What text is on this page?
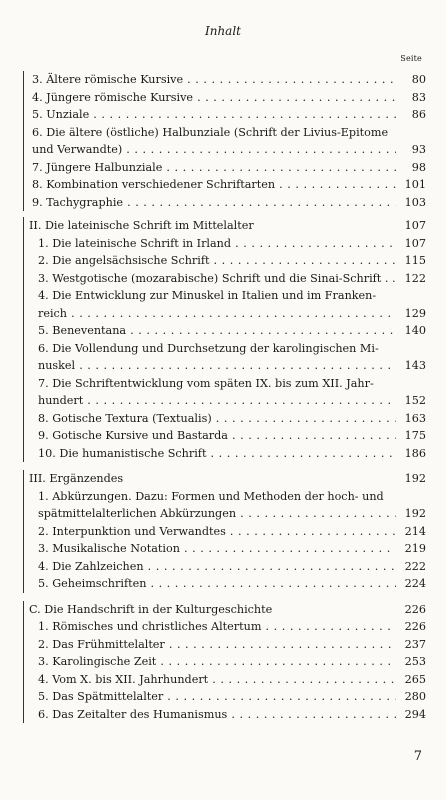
Inhalt
Seite
3. Ältere römische Kursive . . .	80
4. Jüngere römische Kursive . . .	83
5. Unziale . . .	86
6. Die ältere (östliche) Halbunziale (Schrift der Livius-Epitome
und Verwandte) . . .	93
7. Jüngere Halbunziale . . .	98
8. Kombination verschiedener Schriftarten . . .	101
9. Tachygraphie . . .	103
II. Die lateinische Schrift im Mittelalter	107
1. Die lateinische Schrift in Irland . . .	107
2. Die angelsächsische Schrift . . .	115
3. Westgotische (mozarabische) Schrift und die Sinai-Schrift . . 122
4. Die Entwicklung zur Minuskel in Italien und im Franken-
reich . . .	129
5. Beneventana . . .	140
6. Die Vollendung und Durchsetzung der karolingischen Mi-
nuskel . . .	143
7. Die Schriftentwicklung vom späten IX. bis zum XII. Jahr-
hundert . . .	152
8. Gotische Textura (Textualis) . . .	163
9. Gotische Kursive und Bastarda . . .	175
10. Die humanistische Schrift . . .	186
III. Ergänzendes	192
1. Abkürzungen. Dazu: Formen und Methoden der hoch- und
spätmittelalterlichen Abkürzungen . . .	192
2. Interpunktion und Verwandtes . . .	214
3. Musikalische Notation . . .	219
4. Die Zahlzeichen . . .	222
5. Geheimschriften . . .	224
C. Die Handschrift in der Kulturgeschichte	226
1. Römisches und christliches Altertum . . .	226
2. Das Frühmittelalter . . .	237
3. Karolingische Zeit . . .	253
4. Vom X. bis XII. Jahrhundert . . .	265
5. Das Spätmittelalter . . .	280
6. Das Zeitalter des Humanismus . . .	294
7
